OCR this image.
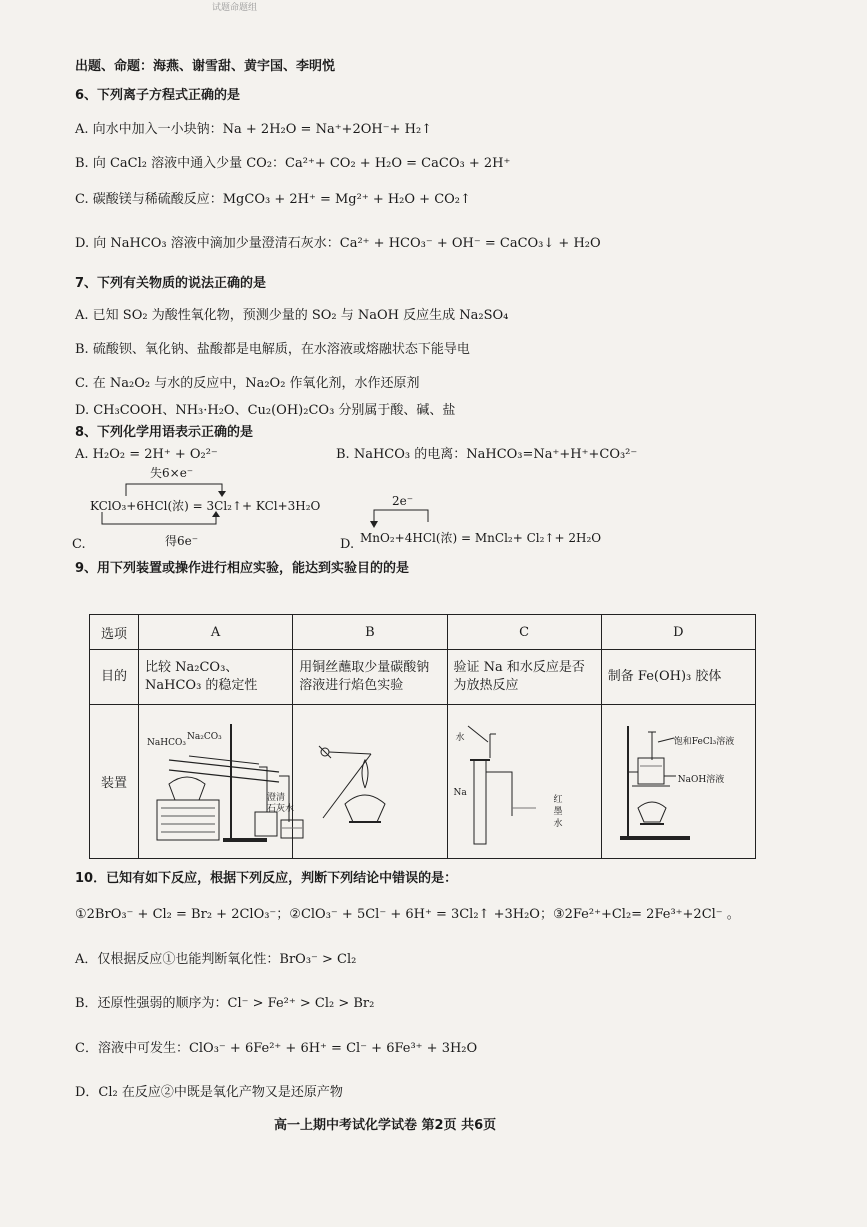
试题命题组
出题、命题：海燕、谢雪甜、黄宇国、李明悦
6、下列离子方程式正确的是
A. 向水中加入一小块钠：Na + 2H₂O = Na⁺+2OH⁻+ H₂↑
B. 向 CaCl₂ 溶液中通入少量 CO₂：Ca²⁺+ CO₂ + H₂O = CaCO₃ + 2H⁺
C. 碳酸镁与稀硫酸反应：MgCO₃ + 2H⁺ = Mg²⁺ + H₂O + CO₂↑
D. 向 NaHCO₃ 溶液中滴加少量澄清石灰水：Ca²⁺ + HCO₃⁻ + OH⁻ = CaCO₃↓ + H₂O
7、下列有关物质的说法正确的是
A. 已知 SO₂ 为酸性氧化物，预测少量的 SO₂ 与 NaOH 反应生成 Na₂SO₄
B. 硫酸钡、氧化钠、盐酸都是电解质，在水溶液或熔融状态下能导电
C. 在 Na₂O₂ 与水的反应中，Na₂O₂ 作氧化剂，水作还原剂
D. CH₃COOH、NH₃·H₂O、Cu₂(OH)₂CO₃ 分别属于酸、碱、盐
8、下列化学用语表示正确的是
A. H₂O₂ = 2H⁺ + O₂²⁻	B. NaHCO₃ 的电离：NaHCO₃=Na⁺+H⁺+CO₃²⁻
失6×e⁻
KClO₃+6HCl(浓) = 3Cl₂↑+ KCl+3H₂O
得6e⁻
C.
2e⁻
MnO₂+4HCl(浓) = MnCl₂+ Cl₂↑+ 2H₂O
D.
9、用下列装置或操作进行相应实验，能达到实验目的的是
选项	A	B	C	D
目的	比较 Na₂CO₃、NaHCO₃ 的稳定性	用铜丝蘸取少量碳酸钠溶液进行焰色实验	验证 Na 和水反应是否为放热反应	制备 Fe(OH)₃ 胶体
装置	NaHCO₃
Na₂CO₃
澄清
石灰水		水
Na
红
墨
水	饱和FeCl₃溶液
NaOH溶液
10．已知有如下反应，根据下列反应，判断下列结论中错误的是：
①2BrO₃⁻ + Cl₂ = Br₂ + 2ClO₃⁻；②ClO₃⁻ + 5Cl⁻ + 6H⁺ = 3Cl₂↑ +3H₂O；③2Fe²⁺+Cl₂= 2Fe³⁺+2Cl⁻ 。
A．仅根据反应①也能判断氧化性：BrO₃⁻ > Cl₂
B．还原性强弱的顺序为：Cl⁻ > Fe²⁺ > Cl₂ > Br₂
C．溶液中可发生：ClO₃⁻ + 6Fe²⁺ + 6H⁺ = Cl⁻ + 6Fe³⁺ + 3H₂O
D．Cl₂ 在反应②中既是氧化产物又是还原产物
高一上期中考试化学试卷 第2页 共6页
